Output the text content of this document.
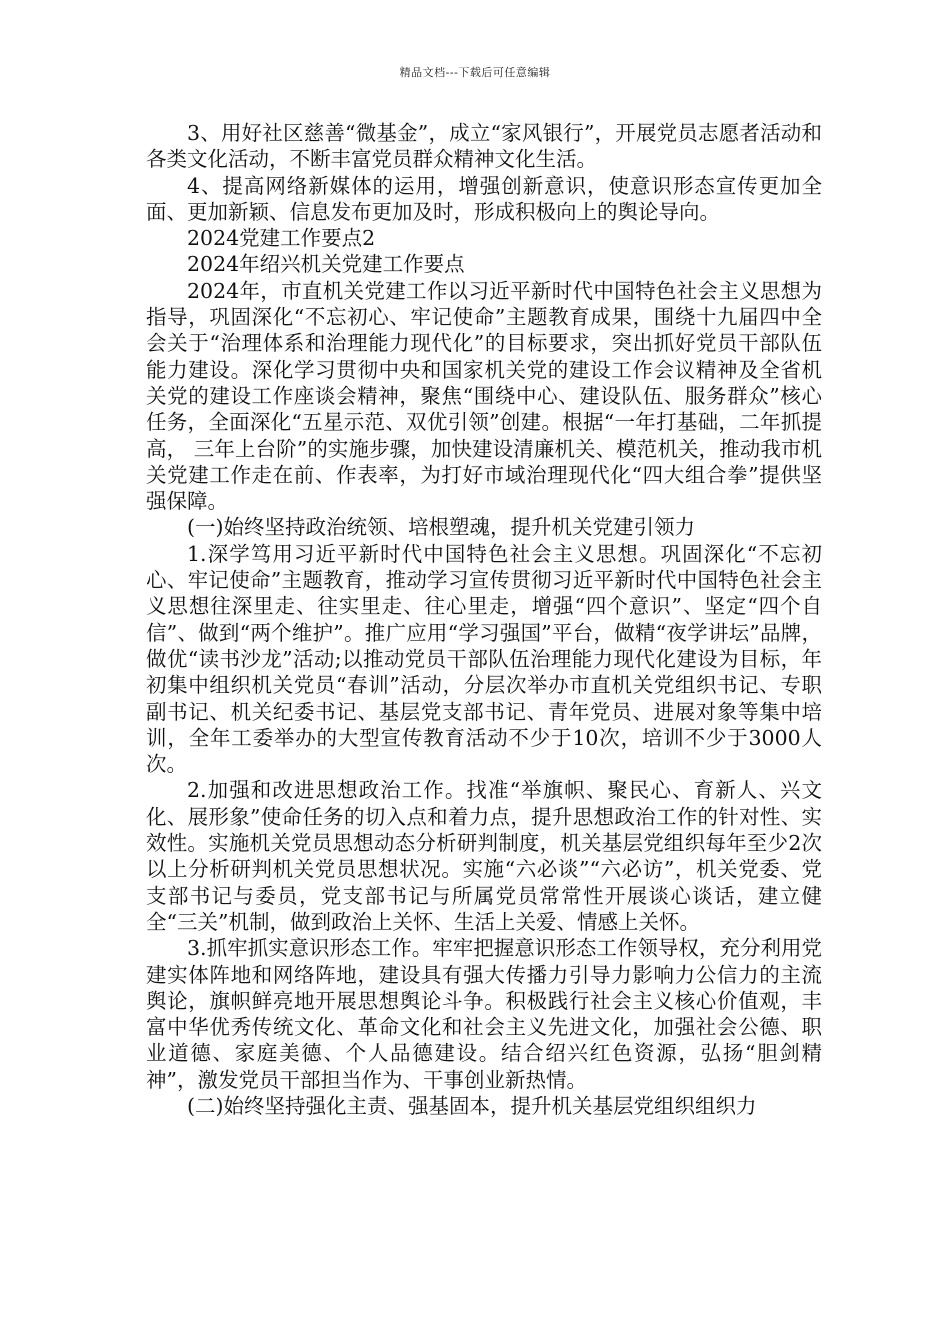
精品文档---下载后可任意编辑

3、用好社区慈善“微基金”，成立“家风银行”，开展党员志愿者活动和各类文化活动，不断丰富党员群众精神文化生活。

4、提高网络新媒体的运用，增强创新意识，使意识形态宣传更加全面、更加新颖、信息发布更加及时，形成积极向上的舆论导向。

2024党建工作要点2

2024年绍兴机关党建工作要点

2024年，市直机关党建工作以习近平新时代中国特色社会主义思想为指导，巩固深化“不忘初心、牢记使命”主题教育成果，围绕十九届四中全会关于“治理体系和治理能力现代化”的目标要求，突出抓好党员干部队伍能力建设。深化学习贯彻中央和国家机关党的建设工作会议精神及全省机关党的建设工作座谈会精神，聚焦“围绕中心、建设队伍、服务群众”核心任务，全面深化“五星示范、双优引领”创建。根据“一年打基础，二年抓提高， 三年上台阶”的实施步骤，加快建设清廉机关、模范机关，推动我市机关党建工作走在前、作表率，为打好市域治理现代化“四大组合拳”提供坚强保障。

(一)始终坚持政治统领、培根塑魂，提升机关党建引领力

1.深学笃用习近平新时代中国特色社会主义思想。巩固深化“不忘初心、牢记使命”主题教育，推动学习宣传贯彻习近平新时代中国特色社会主义思想往深里走、往实里走、往心里走，增强“四个意识”、坚定“四个自信”、做到“两个维护”。推广应用“学习强国”平台，做精“夜学讲坛”品牌，做优“读书沙龙”活动;以推动党员干部队伍治理能力现代化建设为目标，年初集中组织机关党员“春训”活动，分层次举办市直机关党组织书记、专职副书记、机关纪委书记、基层党支部书记、青年党员、进展对象等集中培训，全年工委举办的大型宣传教育活动不少于10次，培训不少于3000人次。

2.加强和改进思想政治工作。找准“举旗帜、聚民心、育新人、兴文化、展形象”使命任务的切入点和着力点，提升思想政治工作的针对性、实效性。实施机关党员思想动态分析研判制度，机关基层党组织每年至少2次以上分析研判机关党员思想状况。实施“六必谈”“六必访”，机关党委、党支部书记与委员，党支部书记与所属党员常常性开展谈心谈话，建立健全“三关”机制，做到政治上关怀、生活上关爱、情感上关怀。

3.抓牢抓实意识形态工作。牢牢把握意识形态工作领导权，充分利用党建实体阵地和网络阵地，建设具有强大传播力引导力影响力公信力的主流舆论，旗帜鲜亮地开展思想舆论斗争。积极践行社会主义核心价值观，丰富中华优秀传统文化、革命文化和社会主义先进文化，加强社会公德、职业道德、家庭美德、个人品德建设。结合绍兴红色资源，弘扬“胆剑精神”，激发党员干部担当作为、干事创业新热情。

(二)始终坚持强化主责、强基固本，提升机关基层党组织组织力
